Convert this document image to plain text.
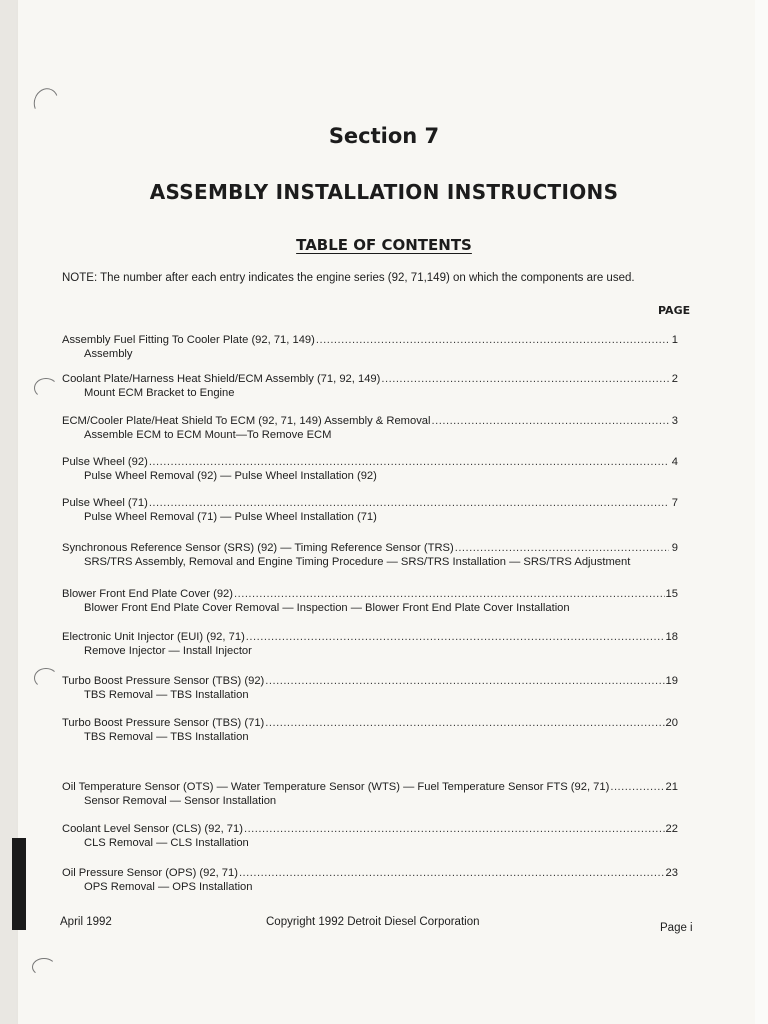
Section 7
ASSEMBLY INSTALLATION INSTRUCTIONS
TABLE OF CONTENTS
NOTE: The number after each entry indicates the engine series (92, 71,149) on which the components are used.
PAGE
Assembly Fuel Fitting To Cooler Plate (92, 71, 149) .....	1
Assembly
Coolant Plate/Harness Heat Shield/ECM Assembly (71, 92, 149) .....	2
Mount ECM Bracket to Engine
ECM/Cooler Plate/Heat Shield To ECM (92, 71, 149) Assembly & Removal .....	3
Assemble ECM to ECM Mount—To Remove ECM
Pulse Wheel (92) .....	4
Pulse Wheel Removal (92) — Pulse Wheel Installation (92)
Pulse Wheel (71) .....	7
Pulse Wheel Removal (71) — Pulse Wheel Installation (71)
Synchronous Reference Sensor (SRS) (92) — Timing Reference Sensor (TRS) .....	9
SRS/TRS Assembly, Removal and Engine Timing Procedure — SRS/TRS Installation — SRS/TRS Adjustment
Blower Front End Plate Cover (92) .....	15
Blower Front End Plate Cover Removal — Inspection — Blower Front End Plate Cover Installation
Electronic Unit Injector (EUI) (92, 71) .....	18
Remove Injector — Install Injector
Turbo Boost Pressure Sensor (TBS) (92) .....	19
TBS Removal — TBS Installation
Turbo Boost Pressure Sensor (TBS) (71) .....	20
TBS Removal — TBS Installation
Oil Temperature Sensor (OTS) — Water Temperature Sensor (WTS) — Fuel Temperature Sensor FTS (92, 71) .....	21
Sensor Removal — Sensor Installation
Coolant Level Sensor (CLS) (92, 71) .....	22
CLS Removal — CLS Installation
Oil Pressure Sensor (OPS) (92, 71) .....	23
OPS Removal — OPS Installation
April 1992	Copyright 1992 Detroit Diesel Corporation	Page i
